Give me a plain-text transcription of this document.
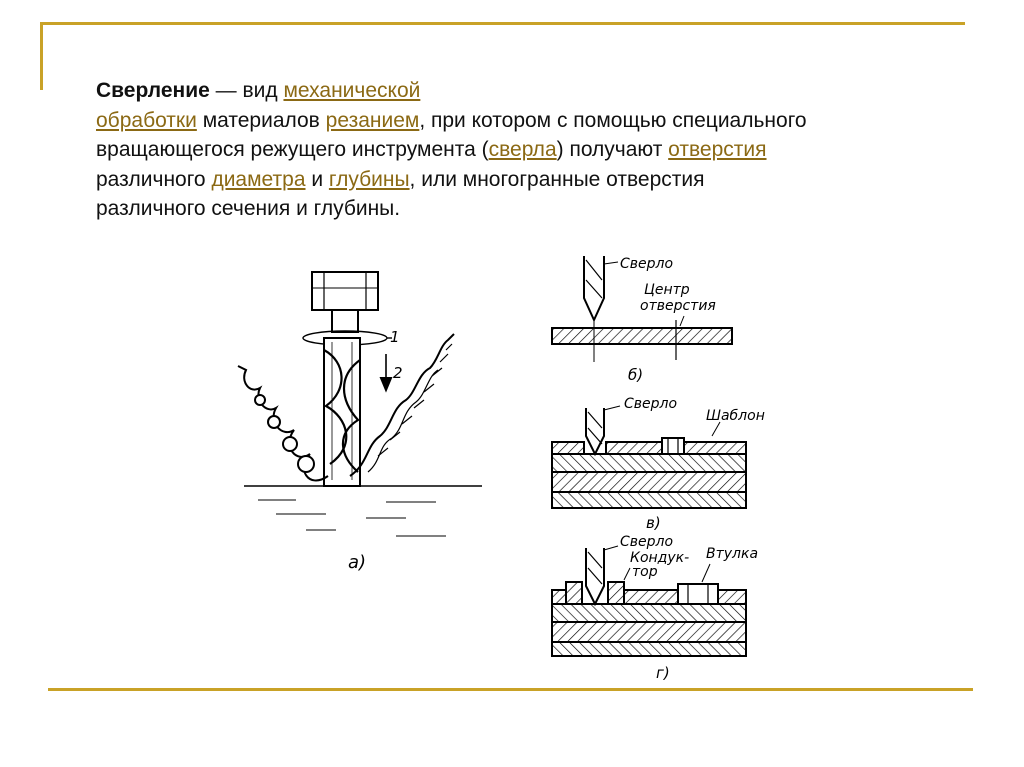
Сверление — вид механической
обработки материалов резанием, при котором с помощью специального вращающегося режущего инструмента (сверла) получают отверстия различного диаметра и глубины, или многогранные отверстия различного сечения и глубины.
1
2
а)
Сверло
Центр
отверстия
б)
Сверло
Шаблон
в)
Сверло
Кондук-
тор
Втулка
г)
